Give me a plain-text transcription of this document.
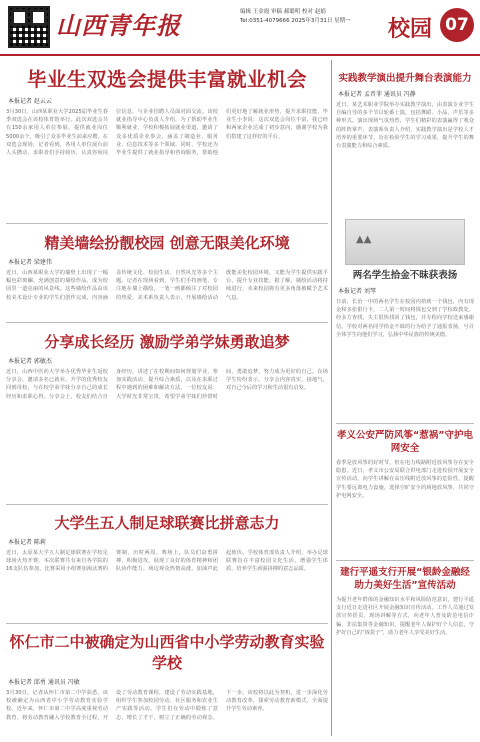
山西青年报	编辑 王金霞 审稿 郝聪明 校对 赵娟
Tel:0351-4079666 2025年3月31日 星期一	校园 07
毕业生双选会提供丰富就业机会
本报记者 赵云云
3月30日，山西某职业大学2025届毕业生春季双选会在该校体育馆举行。此次双选会共有150余家用人单位参展，提供就业岗位5000余个，吸引了众多毕业生前来应聘。在双选会现场，记者看到，各用人单位展台前人头攒动，求职者们手持简历，认真咨询岗位信息，与企业招聘人员面对面交流。该校就业指导中心负责人介绍，为了帮助毕业生顺利就业，学校积极拓展就业渠道，邀请了众多优质企业参会，涵盖了制造业、服务业、信息技术等多个领域。同时，学校还为毕业生提供了就业指导和咨询服务，帮助他们更好地了解就业形势，提升求职技能。毕业生小李说：这次双选会岗位丰富，我已经和两家企业达成了初步意向，感谢学校为我们搭建了这样好的平台。
精美墙绘扮靓校园 创意无限美化环境
本报记者 梁建伟
近日，山西某职业大学的墙壁上出现了一幅幅色彩斑斓、充满创意的墙绘作品，成为校园里一道亮丽的风景线。这些墙绘作品由该校美术设计专业的学生们创作完成，内容涵盖传统文化、校园生活、自然风光等多个主题。记者在现场看到，学生们手持画笔，专注地在墙上描绘，一笔一画都倾注了对校园的热爱。美术系负责人表示，开展墙绘活动既能美化校园环境，又能为学生提供实践平台，提升专业技能。据了解，墙绘活动将持续进行，未来校园将有更多角落被赋予艺术气息。
分享成长经历 激励学弟学妹勇敢追梦
本报记者 郭敏杰
近日，山西中医药大学举办优秀毕业生返校分享会，邀请多名已就业、升学的优秀校友回到母校，与在校学弟学妹分享自己的成长经历和求职心得。分享会上，校友们结合自身经历，讲述了在校期间如何规划学业、参加实践活动、提升综合素质，以及在求职过程中遇到的困难和解决方法。一位校友说：大学时光非常宝贵，希望学弟学妹们珍惜时间，勇敢追梦，努力成为更好的自己。在场学生纷纷表示，分享会内容真实、接地气，对自己今后的学习和生活很有启发。
大学生五人制足球联赛比拼意志力
本报记者 陈莉
近日，太原某大学五人制足球联赛在学校足球场火热开赛。本次联赛共有来自各学院的16支队伍参加，比赛采用小组赛加淘汰赛的赛制，历时两周。赛场上，队员们奋勇拼搏、积极进攻，展现了良好的体育精神和团队协作能力。场边观众热情高涨，加油声此起彼伏。学校体育部负责人介绍，举办足球联赛旨在丰富校园文化生活，增强学生体质，培养学生顽强拼搏的意志品质。
怀仁市二中被确定为山西省中小学劳动教育实验学校
本报记者 邱勇 通讯员 冯敏
3月30日，记者从怀仁市第二中学获悉，该校被确定为山西省中小学劳动教育实验学校。近年来，怀仁市第二中学高度重视劳动教育，将劳动教育融入学校教育全过程，开设了劳动教育课程，建设了劳动实践基地，组织学生参加校园劳动、社区服务和农业生产实践等活动。学生们在劳动中锻炼了意志，增长了才干，树立了正确的劳动观念。下一步，该校将以此为契机，进一步深化劳动教育改革，探索劳动教育新模式，全面提升学生劳动素养。
实践教学演出提升舞台表演能力
本报记者 孟晋菲 通讯员 冯静
近日，某艺术职业学院举办实践教学演出，由表演专业学生自编自导的多个节目轮番上演，包括舞蹈、小品、声乐等多种形式。演出现场气氛热烈，学生们精彩的表演赢得了观众的阵阵掌声。表演系负责人介绍，实践教学演出是学校人才培养的重要环节，旨在检验学生的学习成果，提升学生的舞台表演能力和综合素质。
▲▲
两名学生拾金不昧获表扬
本报记者 刘琴
日前，长治一中的两名学生在校园内拾到一个钱包，内有现金和多张银行卡，二人第一时间将钱包交到了学校政教处。经多方查找，失主很快找回了钱包，并专程向学校送来感谢信。学校对两名同学拾金不昧的行为给予了通报表扬，号召全体学生向他们学习，弘扬中华民族的传统美德。
孝义公安严防风筝“惹祸”守护电网安全
春季是放风筝的好时节，但在电力线路附近放风筝存在安全隐患。近日，孝义市公安局联合供电部门走进校园开展安全宣传活动，向学生讲解在高压线附近放风筝的危险性，提醒学生要远离电力设施，选择空旷安全的场地放风筝，共同守护电网安全。
建行平遥支行开展“银龄金融经 助力美好生活”宣传活动
为提升老年群体的金融知识水平和风险防范意识，建行平遥支行近日走进社区开展金融知识宣传活动。工作人员通过发放宣传折页、现场讲解等方式，向老年人普及防范电信诈骗、非法集资等金融知识，提醒老年人保护好个人信息，守护好自己的“钱袋子”，助力老年人享受美好生活。
